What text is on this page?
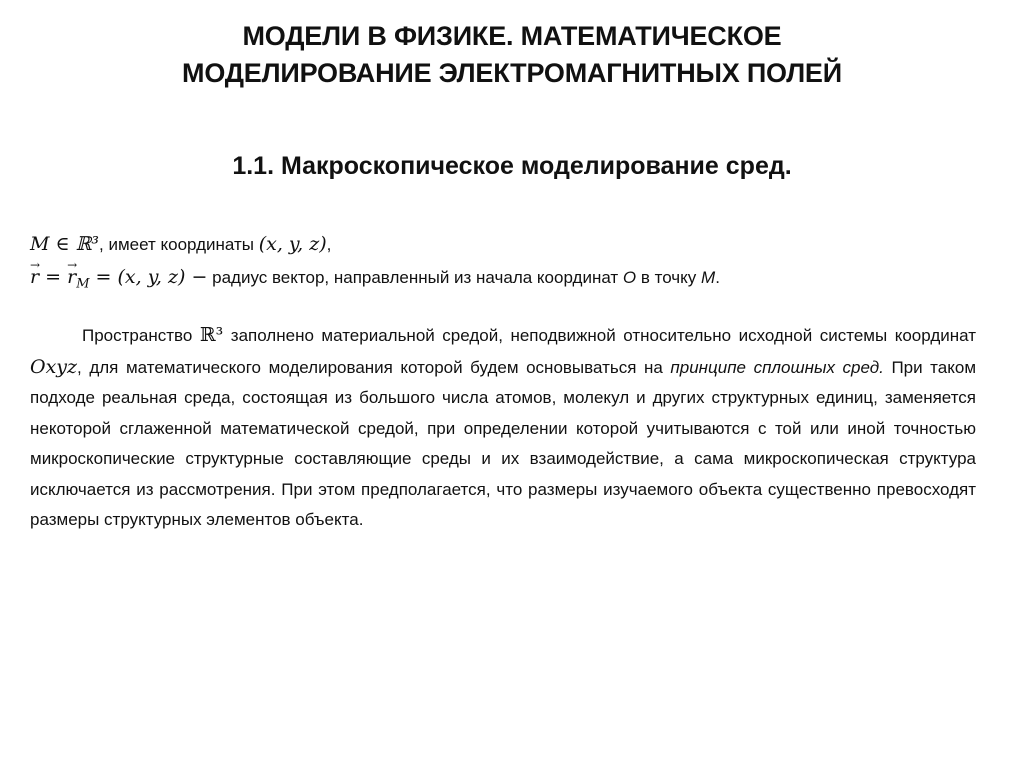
МОДЕЛИ В ФИЗИКЕ. МАТЕМАТИЧЕСКОЕ
МОДЕЛИРОВАНИЕ ЭЛЕКТРОМАГНИТНЫХ ПОЛЕЙ
1.1. Макроскопическое моделирование сред.
M ∈ ℝ³, имеет координаты (x, y, z),
→ r = → $r_M = (x$, y, z) − радиус вектор, направленный из начала координат O в точку M.

Пространство ℝ³ заполнено материальной средой, неподвижной относительно исходной системы координат Oxyz, для математического моделирования которой будем основываться на принципе сплошных сред. При таком подходе реальная среда, состоящая из большого числа атомов, молекул и других структурных единиц, заменяется некоторой сглаженной математической средой, при определении которой учитываются с той или иной точностью микроскопические структурные составляющие среды и их взаимодействие, а сама микроскопическая структура исключается из рассмотрения. При этом предполагается, что размеры изучаемого объекта существенно превосходят размеры структурных элементов объекта.
